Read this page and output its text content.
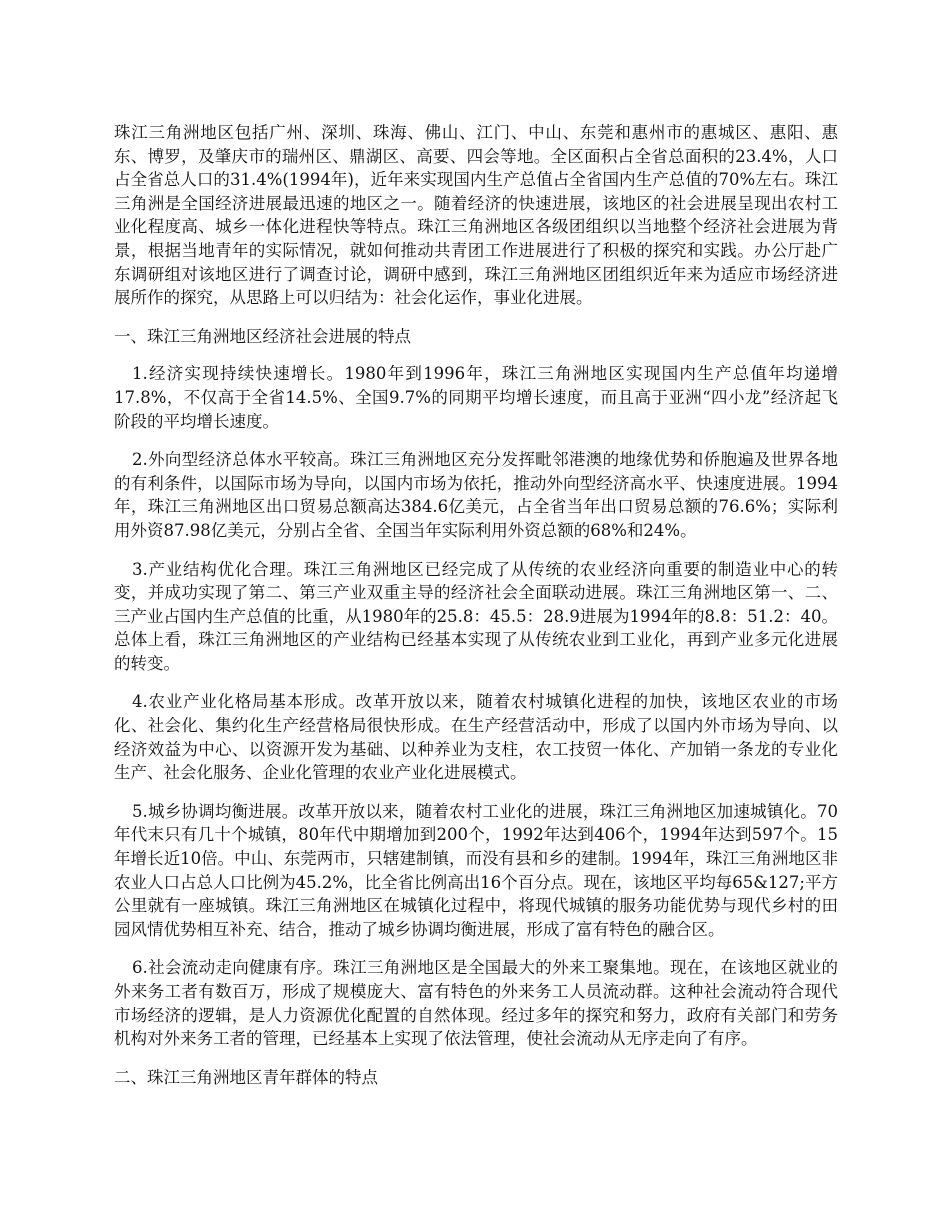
珠江三角洲地区包括广州、深圳、珠海、佛山、江门、中山、东莞和惠州市的惠城区、惠阳、惠东、博罗，及肇庆市的瑞州区、鼎湖区、高要、四会等地。全区面积占全省总面积的23.4%，人口占全省总人口的31.4%(1994年)，近年来实现国内生产总值占全省国内生产总值的70%左右。珠江三角洲是全国经济进展最迅速的地区之一。随着经济的快速进展，该地区的社会进展呈现出农村工业化程度高、城乡一体化进程快等特点。珠江三角洲地区各级团组织以当地整个经济社会进展为背景，根据当地青年的实际情况，就如何推动共青团工作进展进行了积极的探究和实践。办公厅赴广东调研组对该地区进行了调查讨论，调研中感到，珠江三角洲地区团组织近年来为适应市场经济进展所作的探究，从思路上可以归结为：社会化运作，事业化进展。

一、珠江三角洲地区经济社会进展的特点

1.经济实现持续快速增长。1980年到1996年，珠江三角洲地区实现国内生产总值年均递增17.8%，不仅高于全省14.5%、全国9.7%的同期平均增长速度，而且高于亚洲“四小龙”经济起飞阶段的平均增长速度。

2.外向型经济总体水平较高。珠江三角洲地区充分发挥毗邻港澳的地缘优势和侨胞遍及世界各地的有利条件，以国际市场为导向，以国内市场为依托，推动外向型经济高水平、快速度进展。1994年，珠江三角洲地区出口贸易总额高达384.6亿美元，占全省当年出口贸易总额的76.6%；实际利用外资87.98亿美元，分别占全省、全国当年实际利用外资总额的68%和24%。

3.产业结构优化合理。珠江三角洲地区已经完成了从传统的农业经济向重要的制造业中心的转变，并成功实现了第二、第三产业双重主导的经济社会全面联动进展。珠江三角洲地区第一、二、三产业占国内生产总值的比重，从1980年的25.8：45.5：28.9进展为1994年的8.8：51.2：40。总体上看，珠江三角洲地区的产业结构已经基本实现了从传统农业到工业化，再到产业多元化进展的转变。

4.农业产业化格局基本形成。改革开放以来，随着农村城镇化进程的加快，该地区农业的市场化、社会化、集约化生产经营格局很快形成。在生产经营活动中，形成了以国内外市场为导向、以经济效益为中心、以资源开发为基础、以种养业为支柱，农工技贸一体化、产加销一条龙的专业化生产、社会化服务、企业化管理的农业产业化进展模式。

5.城乡协调均衡进展。改革开放以来，随着农村工业化的进展，珠江三角洲地区加速城镇化。70年代末只有几十个城镇，80年代中期增加到200个，1992年达到406个，1994年达到597个。15年增长近10倍。中山、东莞两市，只辖建制镇，而没有县和乡的建制。1994年，珠江三角洲地区非农业人口占总人口比例为45.2%，比全省比例高出16个百分点。现在，该地区平均每65&127;平方公里就有一座城镇。珠江三角洲地区在城镇化过程中，将现代城镇的服务功能优势与现代乡村的田园风情优势相互补充、结合，推动了城乡协调均衡进展，形成了富有特色的融合区。

6.社会流动走向健康有序。珠江三角洲地区是全国最大的外来工聚集地。现在，在该地区就业的外来务工者有数百万，形成了规模庞大、富有特色的外来务工人员流动群。这种社会流动符合现代市场经济的逻辑，是人力资源优化配置的自然体现。经过多年的探究和努力，政府有关部门和劳务机构对外来务工者的管理，已经基本上实现了依法管理，使社会流动从无序走向了有序。

二、珠江三角洲地区青年群体的特点
